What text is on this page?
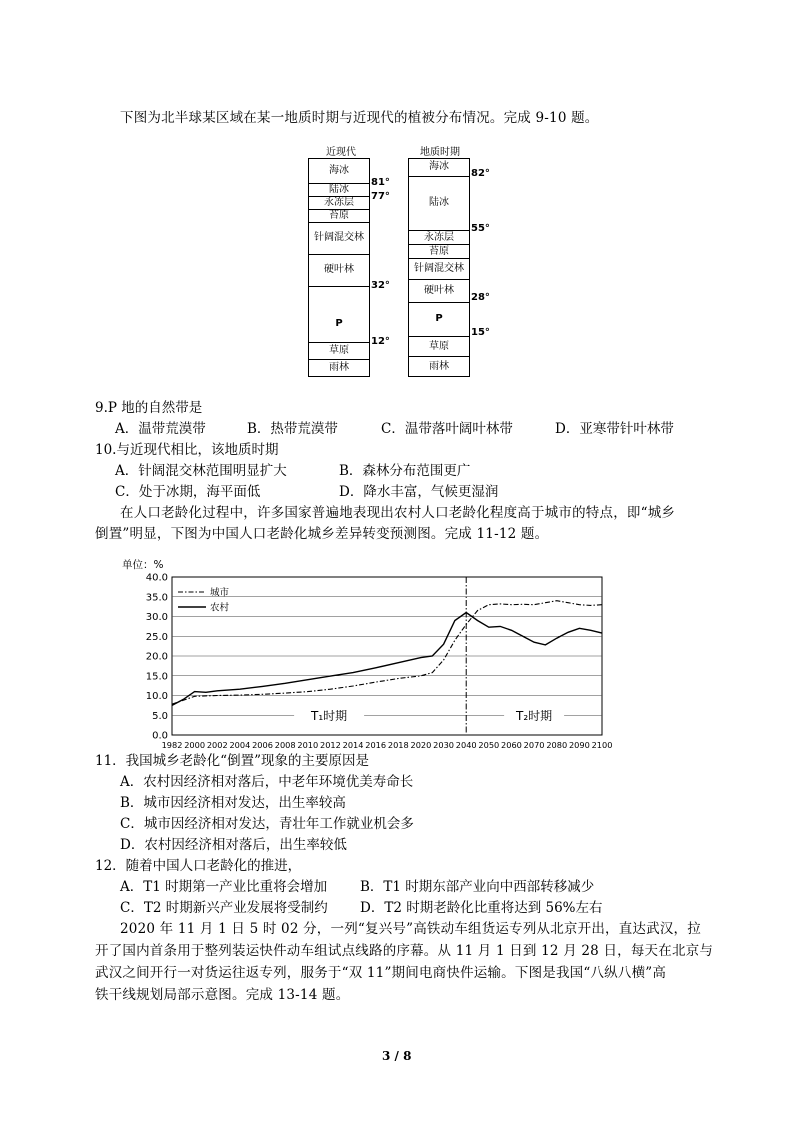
下图为北半球某区域在某一地质时期与近现代的植被分布情况。完成 9-10 题。
近现代	地质时期
海冰
陆冰
永冻层
苔原
针阔混交林
硬叶林
P
草原
雨林
81°
77°
32°
12°
海冰
陆冰
永冻层
苔原
针阔混交林
硬叶林
P
草原
雨林
82°
55°
28°
15°
9.P 地的自然带是
A．温带荒漠带	B．热带荒漠带	C．温带落叶阔叶林带	D．亚寒带针叶林带
10.与近现代相比，该地质时期
A．针阔混交林范围明显扩大	B．森林分布范围更广
C．处于冰期，海平面低	D．降水丰富，气候更湿润
在人口老龄化过程中，许多国家普遍地表现出农村人口老龄化程度高于城市的特点，即“城乡
倒置”明显，下图为中国人口老龄化城乡差异转变预测图。完成 11-12 题。
0.0
5.0
10.0
15.0
20.0
25.0
30.0
35.0
40.0
1982 2000 2002 2004 2006 2008 2010 2012 2014 2016 2018 2020 2030 2040 2050 2060 2070 2080 2090 2100
单位：%
T₁时期	T₂时期
城市
农村
11．我国城乡老龄化“倒置”现象的主要原因是
A．农村因经济相对落后，中老年环境优美寿命长
B．城市因经济相对发达，出生率较高
C．城市因经济相对发达，青壮年工作就业机会多
D．农村因经济相对落后，出生率较低
12．随着中国人口老龄化的推进，
A．T1 时期第一产业比重将会增加 B．T1 时期东部产业向中西部转移减少
C．T2 时期新兴产业发展将受制约 D．T2 时期老龄化比重将达到 56%左右
2020 年 11 月 1 日 5 时 02 分，一列“复兴号”高铁动车组货运专列从北京开出，直达武汉，拉
开了国内首条用于整列装运快件动车组试点线路的序幕。从 11 月 1 日到 12 月 28 日，每天在北京与
武汉之间开行一对货运往返专列，服务于“双 11”期间电商快件运输。下图是我国“八纵八横”高
铁干线规划局部示意图。完成 13-14 题。
3 / 8
